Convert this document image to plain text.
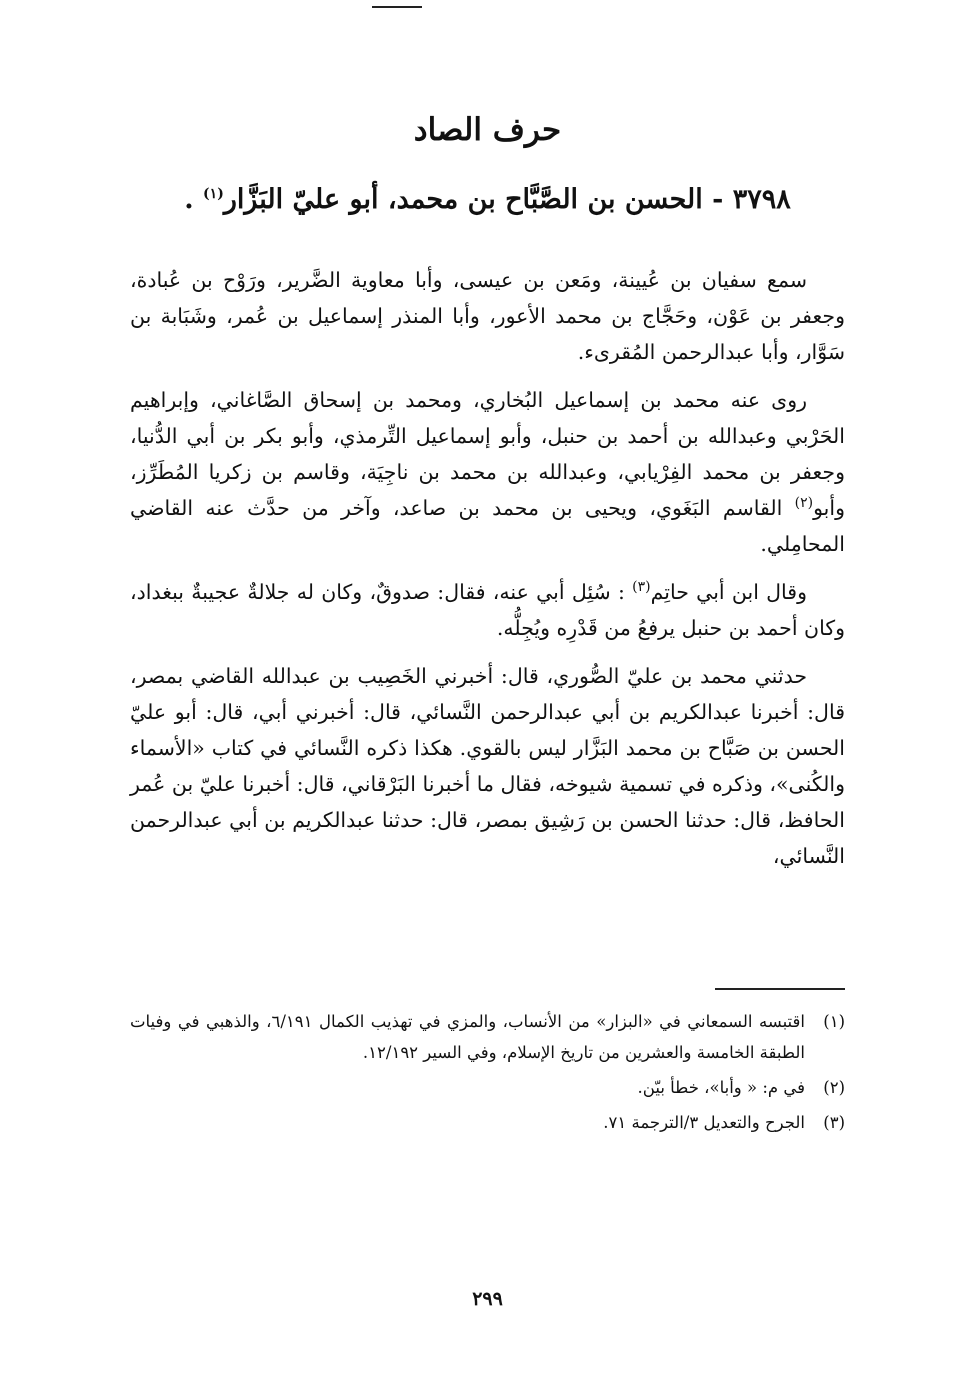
حرف الصاد
٣٧٩٨ - الحسن بن الصَّبَّاح بن محمد، أبو عليّ البَزَّار$^{(١)}$ .

سمع سفيان بن عُيينة، ومَعن بن عيسى، وأبا معاوية الضَّرير، ورَوْح بن عُبادة، وجعفر بن عَوْن، وحَجَّاج بن محمد الأعور، وأبا المنذر إسماعيل بن عُمر، وشَبَابة بن سَوَّار، وأبا عبدالرحمن المُقرىء.

روى عنه محمد بن إسماعيل البُخاري، ومحمد بن إسحاق الصَّاغاني، وإبراهيم الحَرْبي وعبدالله بن أحمد بن حنبل، وأبو إسماعيل التِّرمذي، وأبو بكر بن أبي الدُّنيا، وجعفر بن محمد الفِرْيابي، وعبدالله بن محمد بن ناجِيَة، وقاسم بن زكريا المُطَرِّز، وأبو$^{(٢)}$ القاسم البَغَوي، ويحيى بن محمد بن صاعد، وآخر من حدَّث عنه القاضي المحامِلي.

وقال ابن أبي حاتِم$^{(٣)}$ : سُئِل أبي عنه، فقال: صدوقٌ، وكان له جلالةٌ عجيبةٌ ببغداد، وكان أحمد بن حنبل يرفعُ من قَدْرِه ويُجِلُّه.

حدثني محمد بن عليّ الصُّوري، قال: أخبرني الخَصِيب بن عبدالله القاضي بمصر، قال: أخبرنا عبدالكريم بن أبي عبدالرحمن النَّسائي، قال: أخبرني أبي، قال: أبو عليّ الحسن بن صَبَّاح بن محمد البَزَّار ليس بالقوي. هكذا ذكره النَّسائي في كتاب «الأسماء والكُنى»، وذكره في تسمية شيوخه، فقال ما أخبرنا البَرْقاني، قال: أخبرنا عليّ بن عُمر الحافظ، قال: حدثنا الحسن بن رَشِيق بمصر، قال: حدثنا عبدالكريم بن أبي عبدالرحمن النَّسائي،

(١)
اقتبسه السمعاني في «البزار» من الأنساب، والمزي في تهذيب الكمال ٦/١٩١، والذهبي في وفيات الطبقة الخامسة والعشرين من تاريخ الإسلام، وفي السير ١٢/١٩٢.
(٢)
في م: « وأبا»، خطأ بيّن.
(٣)
الجرح والتعديل ٣/الترجمة ٧١.
٢٩٩
